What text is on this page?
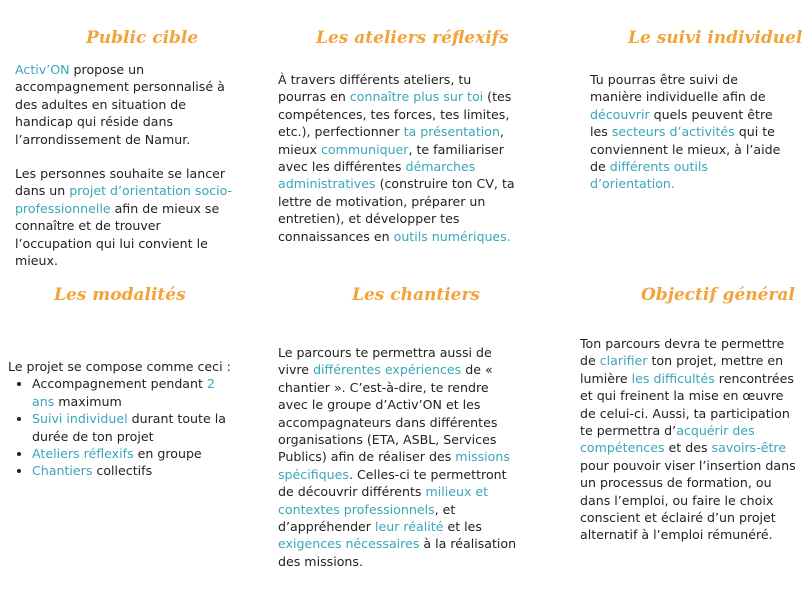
Public cible	Les ateliers réflexifs	Le suivi individuel
Les modalités	Les chantiers	Objectif général

Activ’ON propose un accompagnement personnalisé à des adultes en situation de handicap qui réside dans l’arrondissement de Namur.

Les personnes souhaite se lancer dans un projet d’orientation socio-professionnelle afin de mieux se connaître et de trouver l’occupation qui lui convient le mieux.

À travers différents ateliers, tu pourras en connaître plus sur toi (tes compétences, tes forces, tes limites, etc.), perfectionner ta présentation, mieux communiquer, te familiariser avec les différentes démarches administratives (construire ton CV, ta lettre de motivation, préparer un entretien), et développer tes connaissances en outils numériques.

Tu pourras être suivi de manière individuelle afin de découvrir quels peuvent être les secteurs d’activités qui te conviennent le mieux, à l’aide de différents outils d’orientation.

Le projet se compose comme ceci :

• Accompagnement pendant 2 ans maximum
• Suivi individuel durant toute la durée de ton projet
• Ateliers réflexifs en groupe
• Chantiers collectifs

Le parcours te permettra aussi de vivre différentes expériences de « chantier ». C’est-à-dire, te rendre avec le groupe d’Activ’ON et les accompagnateurs dans différentes organisations (ETA, ASBL, Services Publics) afin de réaliser des missions spécifiques. Celles-ci te permettront de découvrir différents milieux et contextes professionnels, et d’appréhender leur réalité et les exigences nécessaires à la réalisation des missions.

Ton parcours devra te permettre de clarifier ton projet, mettre en lumière les difficultés rencontrées et qui freinent la mise en œuvre de celui-ci. Aussi, ta participation te permettra d’acquérir des compétences et des savoirs-être pour pouvoir viser l’insertion dans un processus de formation, ou dans l’emploi, ou faire le choix conscient et éclairé d’un projet alternatif à l’emploi rémunéré.
